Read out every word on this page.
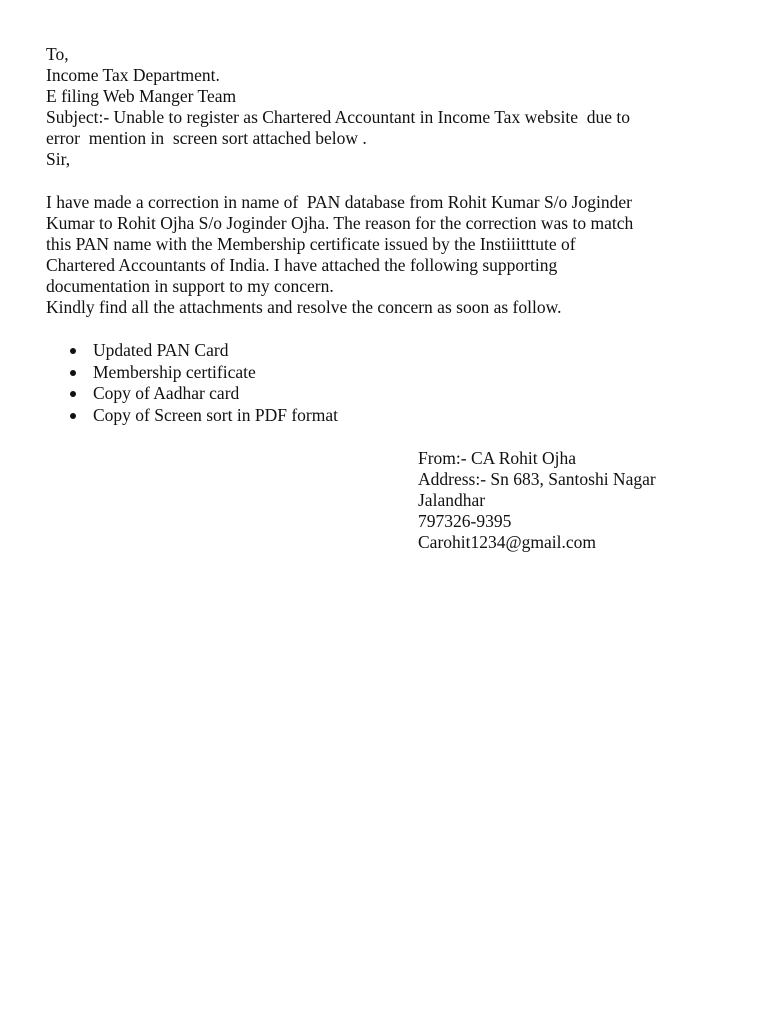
To,
Income Tax Department.
E filing Web Manger Team
Subject:- Unable to register as Chartered Accountant in Income Tax website  due to
error  mention in  screen sort attached below .
Sir,
I have made a correction in name of  PAN database from Rohit Kumar S/o Joginder
Kumar to Rohit Ojha S/o Joginder Ojha. The reason for the correction was to match
this PAN name with the Membership certificate issued by the Instiiitttute of
Chartered Accountants of India. I have attached the following supporting
documentation in support to my concern.
Kindly find all the attachments and resolve the concern as soon as follow.

Updated PAN Card

Membership certificate

Copy of Aadhar card

Copy of Screen sort in PDF format

From:- CA Rohit Ojha
Address:- Sn 683, Santoshi Nagar
Jalandhar
797326-9395
Carohit1234@gmail.com
